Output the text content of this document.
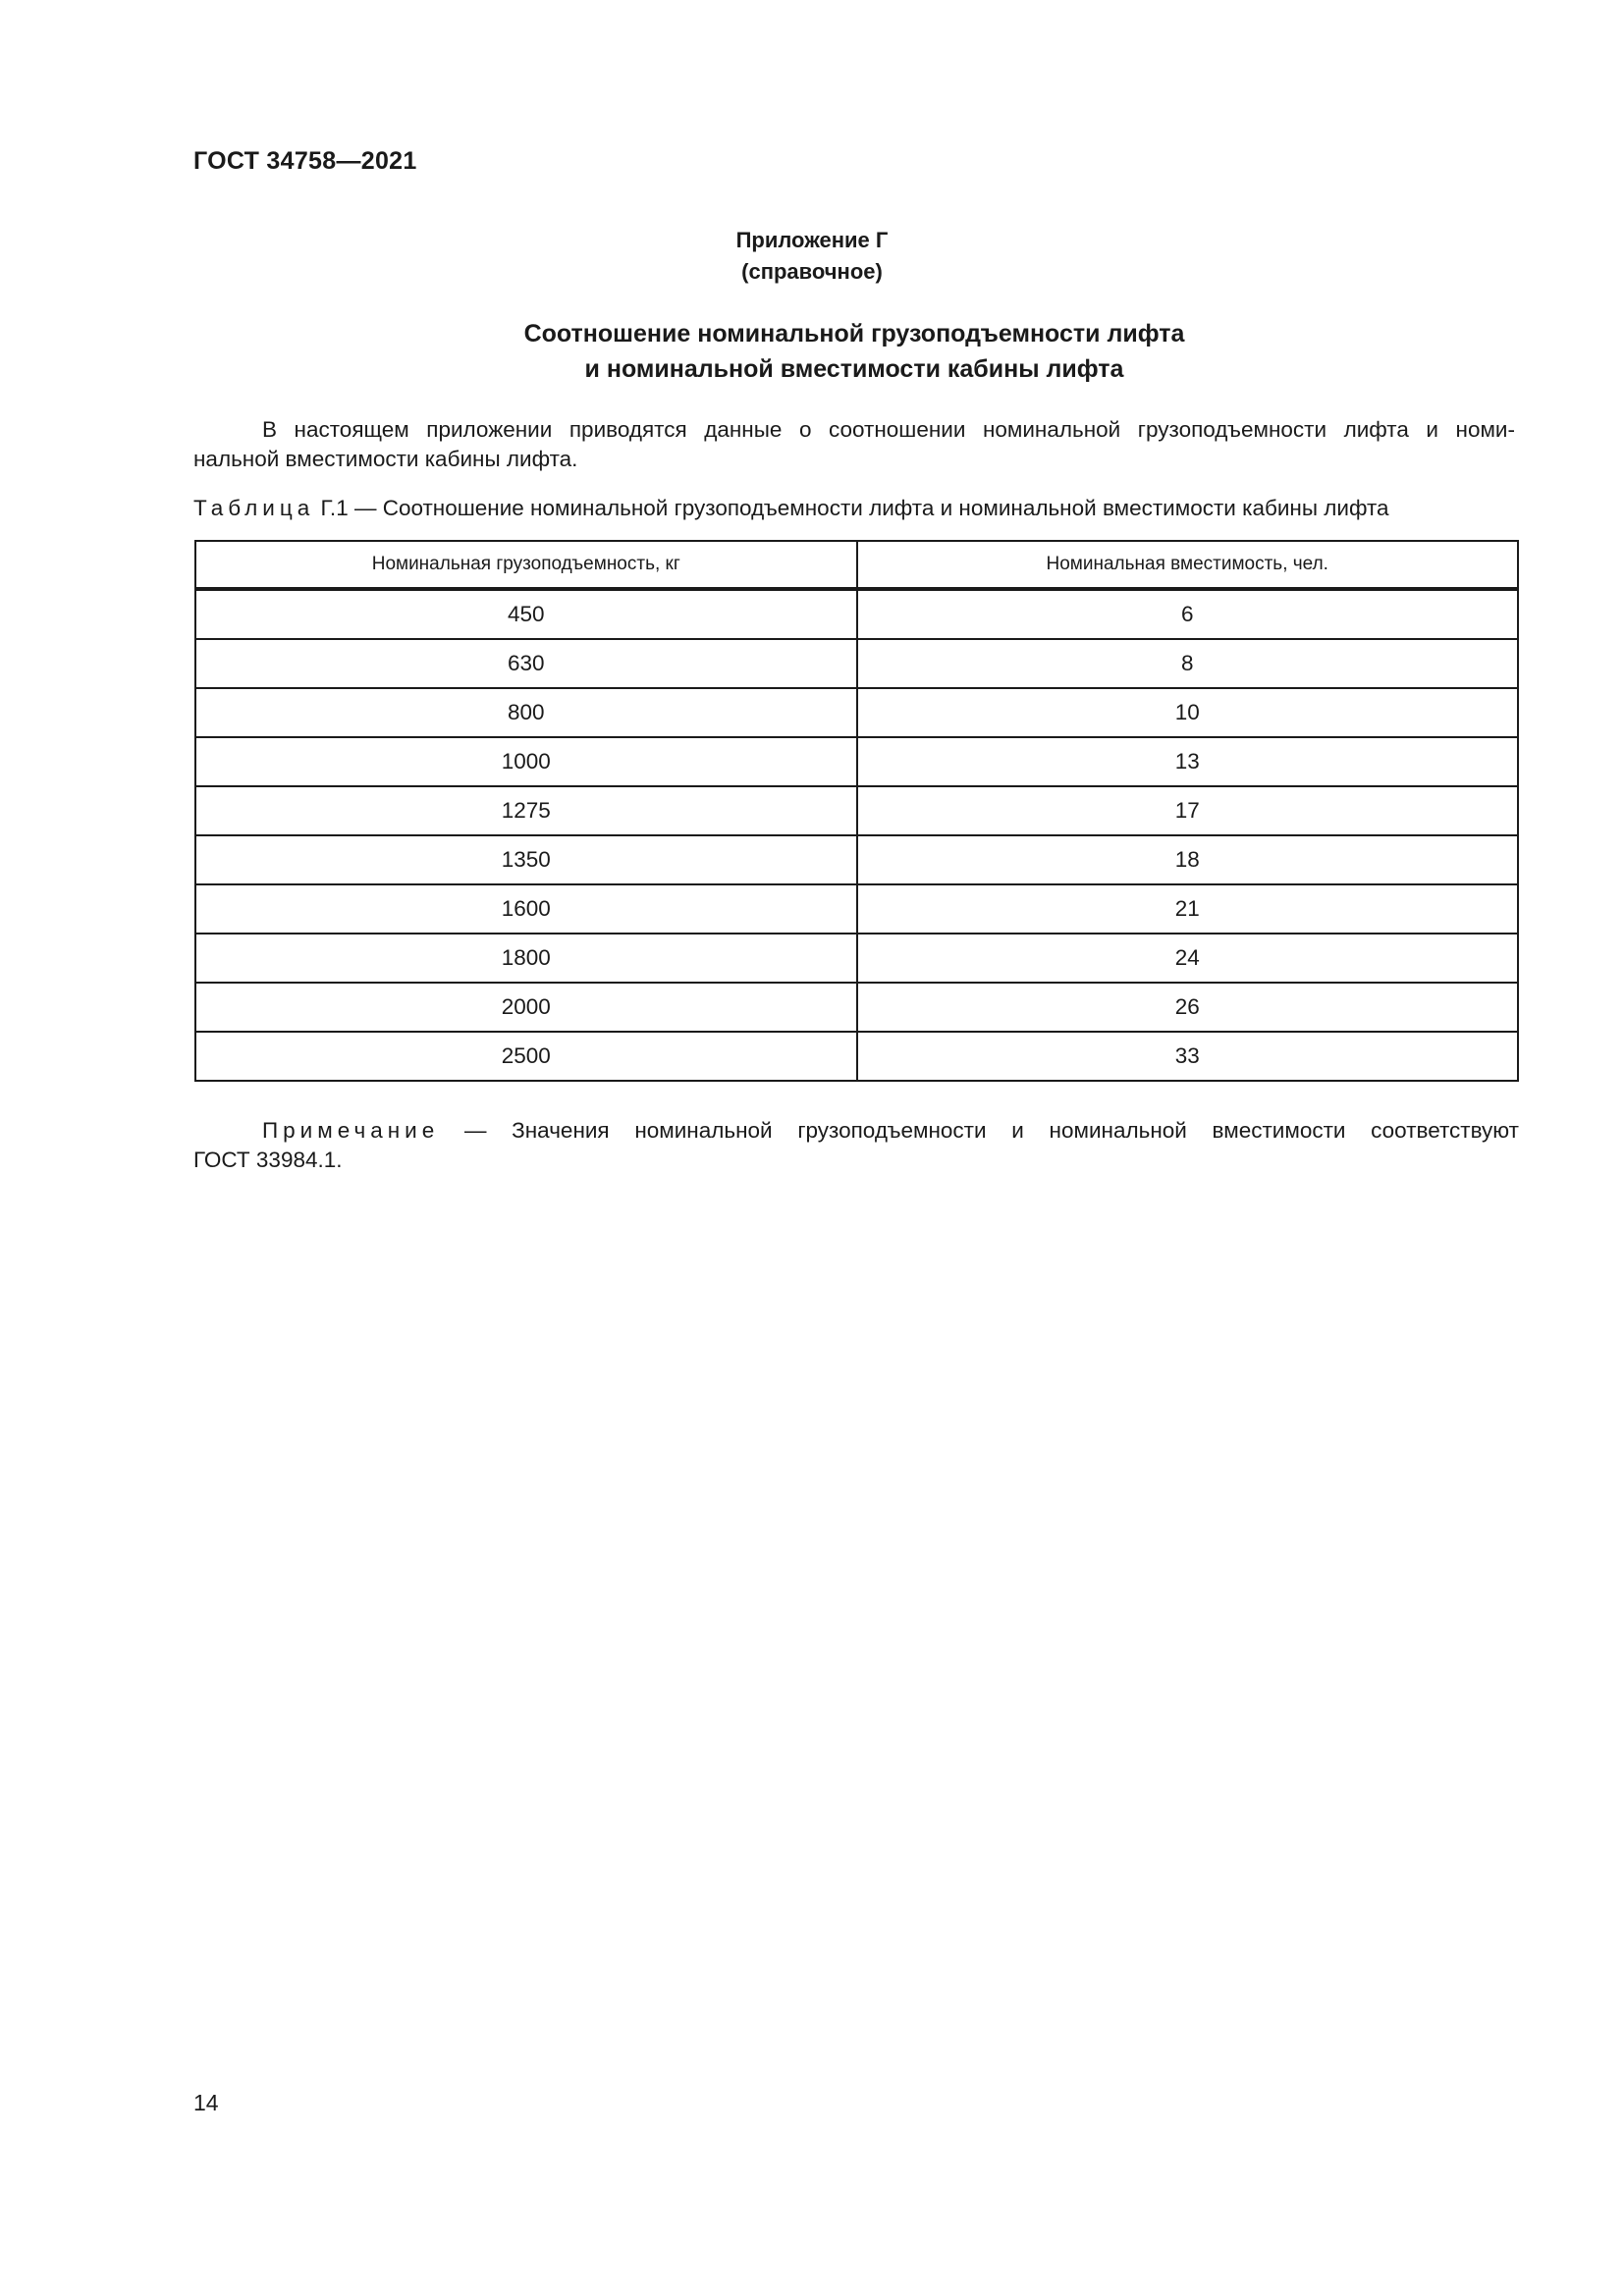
ГОСТ 34758—2021
Приложение Г
(справочное)
Соотношение номинальной грузоподъемности лифта
и номинальной вместимости кабины лифта
В настоящем приложении приводятся данные о соотношении номинальной грузоподъемности лифта и номи-
нальной вместимости кабины лифта.
Таблица Г.1 — Соотношение номинальной грузоподъемности лифта и номинальной вместимости кабины лифта
Номинальная грузоподъемность, кг	Номинальная вместимость, чел.
450	6
630	8
800	10
1000	13
1275	17
1350	18
1600	21
1800	24
2000	26
2500	33
Примечание — Значения номинальной грузоподъемности и номинальной вместимости соответствуют
ГОСТ 33984.1.
14
